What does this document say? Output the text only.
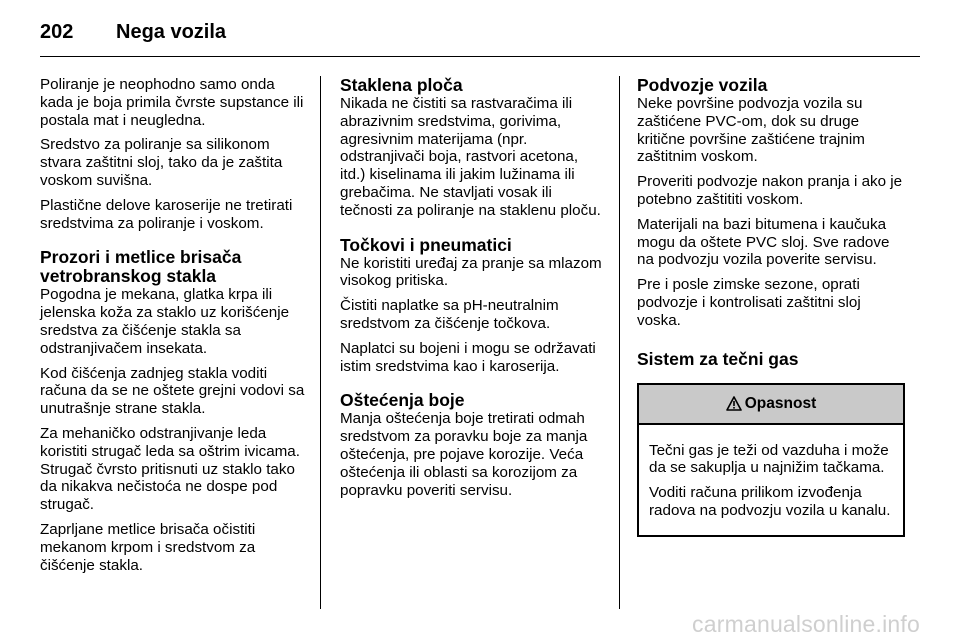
202	Nega vozila

Poliranje je neophodno samo onda kada je boja primila čvrste supstance ili postala mat i neugledna.

Sredstvo za poliranje sa silikonom stvara zaštitni sloj, tako da je zaštita voskom suvišna.

Plastične delove karoserije ne tretirati sredstvima za poliranje i voskom.

Prozori i metlice brisača vetrobranskog stakla

Pogodna je mekana, glatka krpa ili jelenska koža za staklo uz korišćenje sredstva za čišćenje stakla sa odstranjivačem insekata.

Kod čišćenja zadnjeg stakla voditi računa da se ne oštete grejni vodovi sa unutrašnje strane stakla.

Za mehaničko odstranjivanje leda koristiti strugač leda sa oštrim ivicama. Strugač čvrsto pritisnuti uz staklo tako da nikakva nečistoća ne dospe pod strugač.

Zaprljane metlice brisača očistiti mekanom krpom i sredstvom za čišćenje stakla.

Staklena ploča

Nikada ne čistiti sa rastvaračima ili abrazivnim sredstvima, gorivima, agresivnim materijama (npr. odstranjivači boja, rastvori acetona, itd.) kiselinama ili jakim lužinama ili grebačima. Ne stavljati vosak ili tečnosti za poliranje na staklenu ploču.

Točkovi i pneumatici

Ne koristiti uređaj za pranje sa mlazom visokog pritiska.

Čistiti naplatke sa pH-neutralnim sredstvom za čišćenje točkova.

Naplatci su bojeni i mogu se održavati istim sredstvima kao i karoserija.

Oštećenja boje

Manja oštećenja boje tretirati odmah sredstvom za poravku boje za manja oštećenja, pre pojave korozije. Veća oštećenja ili oblasti sa korozijom za popravku poveriti servisu.

Podvozje vozila

Neke površine podvozja vozila su zaštićene PVC-om, dok su druge kritične površine zaštićene trajnim zaštitnim voskom.

Proveriti podvozje nakon pranja i ako je potebno zaštititi voskom.

Materijali na bazi bitumena i kaučuka mogu da oštete PVC sloj. Sve radove na podvozju vozila poverite servisu.

Pre i posle zimske sezone, oprati podvozje i kontrolisati zaštitni sloj voska.

Sistem za tečni gas
Opasnost

Tečni gas je teži od vazduha i može da se sakuplja u najnižim tačkama.

Voditi računa prilikom izvođenja radova na podvozju vozila u kanalu.

carmanualsonline.info
